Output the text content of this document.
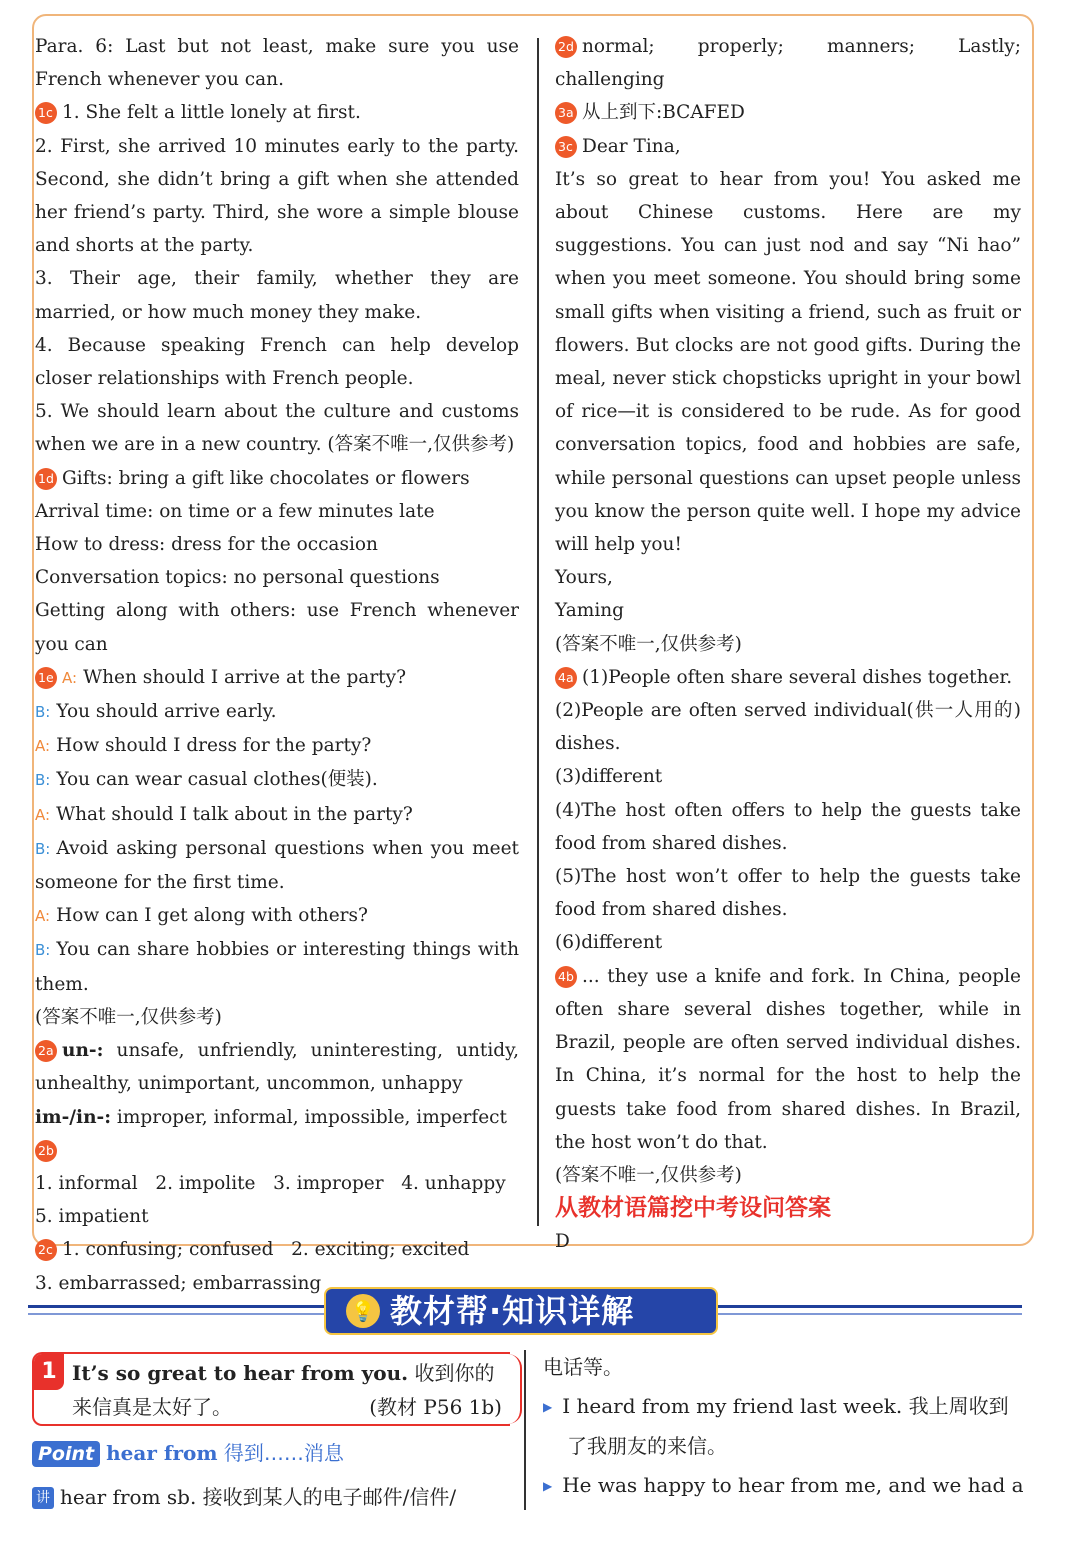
Para. 6: Last but not least, make sure you use French whenever you can.

1c 1. She felt a little lonely at first.

2. First, she arrived 10 minutes early to the party. Second, she didn’t bring a gift when she attended her friend’s party. Third, she wore a simple blouse and shorts at the party.

3. Their age, their family, whether they are married, or how much money they make.

4. Because speaking French can help develop closer relationships with French people.

5. We should learn about the culture and customs when we are in a new country. (答案不唯一,仅供参考)

1d Gifts: bring a gift like chocolates or flowers

Arrival time: on time or a few minutes late

How to dress: dress for the occasion

Conversation topics: no personal questions

Getting along with others: use French whenever you can

1e A: When should I arrive at the party?

B: You should arrive early.

A: How should I dress for the party?

B: You can wear casual clothes(便装).

A: What should I talk about in the party?

B: Avoid asking personal questions when you meet someone for the first time.

A: How can I get along with others?

B: You can share hobbies or interesting things with them.

(答案不唯一,仅供参考)

2a un-: unsafe, unfriendly, uninteresting, untidy, unhealthy, unimportant, uncommon, unhappy

im-/in-: improper, informal, impossible, imperfect

2b1. informal   2. impolite   3. improper   4. unhappy

5. impatient

2c 1. confusing; confused   2. exciting; excited

3. embarrassed; embarrassing

2d normal; properly; manners; Lastly; challenging

3a 从上到下:BCAFED

3c Dear Tina,

It’s so great to hear from you! You asked me about Chinese customs. Here are my suggestions. You can just nod and say “Ni hao” when you meet someone. You should bring some small gifts when visiting a friend, such as fruit or flowers. But clocks are not good gifts. During the meal, never stick chopsticks upright in your bowl of rice—it is considered to be rude. As for good conversation topics, food and hobbies are safe, while personal questions can upset people unless you know the person quite well. I hope my advice will help you!

Yours,

Yaming

(答案不唯一,仅供参考)

4a (1)People often share several dishes together.

(2)People are often served individual(供一人用的) dishes.

(3)different

(4)The host often offers to help the guests take food from shared dishes.

(5)The host won’t offer to help the guests take food from shared dishes.

(6)different

4b ... they use a knife and fork. In China, people often share several dishes together, while in Brazil, people are often served individual dishes. In China, it’s normal for the host to help the guests take food from shared dishes. In Brazil, the host won’t do that.

(答案不唯一,仅供参考)

从教材语篇挖中考设问答案

D

💡 教材帮·知识详解
1 It’s so great to hear from you. 收到你的
来信真是太好了。	(教材 P56 1b)
Point hear from 得到……消息
讲 hear from sb. 接收到某人的电子邮件/信件/
电话等。
▶ I heard from my friend last week. 我上周收到
了我朋友的来信。
▶ He was happy to hear from me, and we had a
